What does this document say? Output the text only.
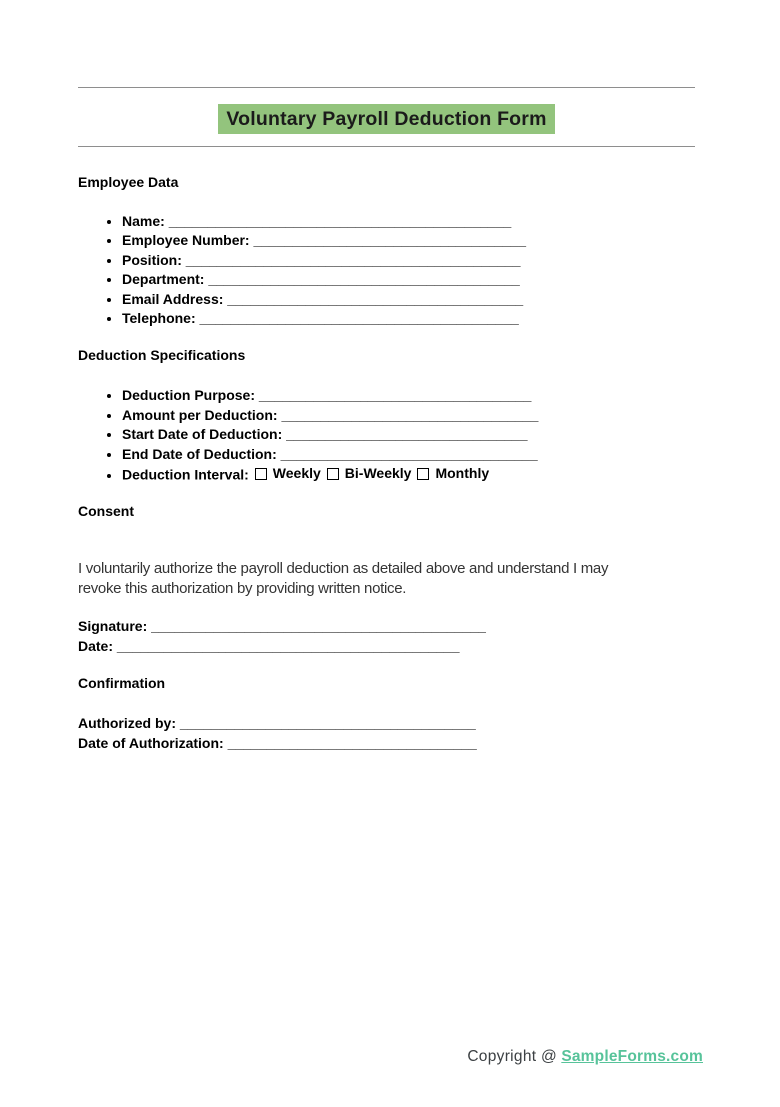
Voluntary Payroll Deduction Form
Employee Data
• Name: ____________________________________________
• Employee Number: ___________________________________
• Position: ___________________________________________
• Department: ________________________________________
• Email Address: ______________________________________
• Telephone: _________________________________________
Deduction Specifications
• Deduction Purpose: ___________________________________
• Amount per Deduction: _________________________________
• Start Date of Deduction: _______________________________
• End Date of Deduction: _________________________________
• Deduction Interval: Weekly Bi-Weekly Monthly
Consent

I voluntarily authorize the payroll deduction as detailed above and understand I may
revoke this authorization by providing written notice.

Signature: ___________________________________________
Date: ____________________________________________
Confirmation
Authorized by: ______________________________________
Date of Authorization: ________________________________
Copyright @ SampleForms.com
